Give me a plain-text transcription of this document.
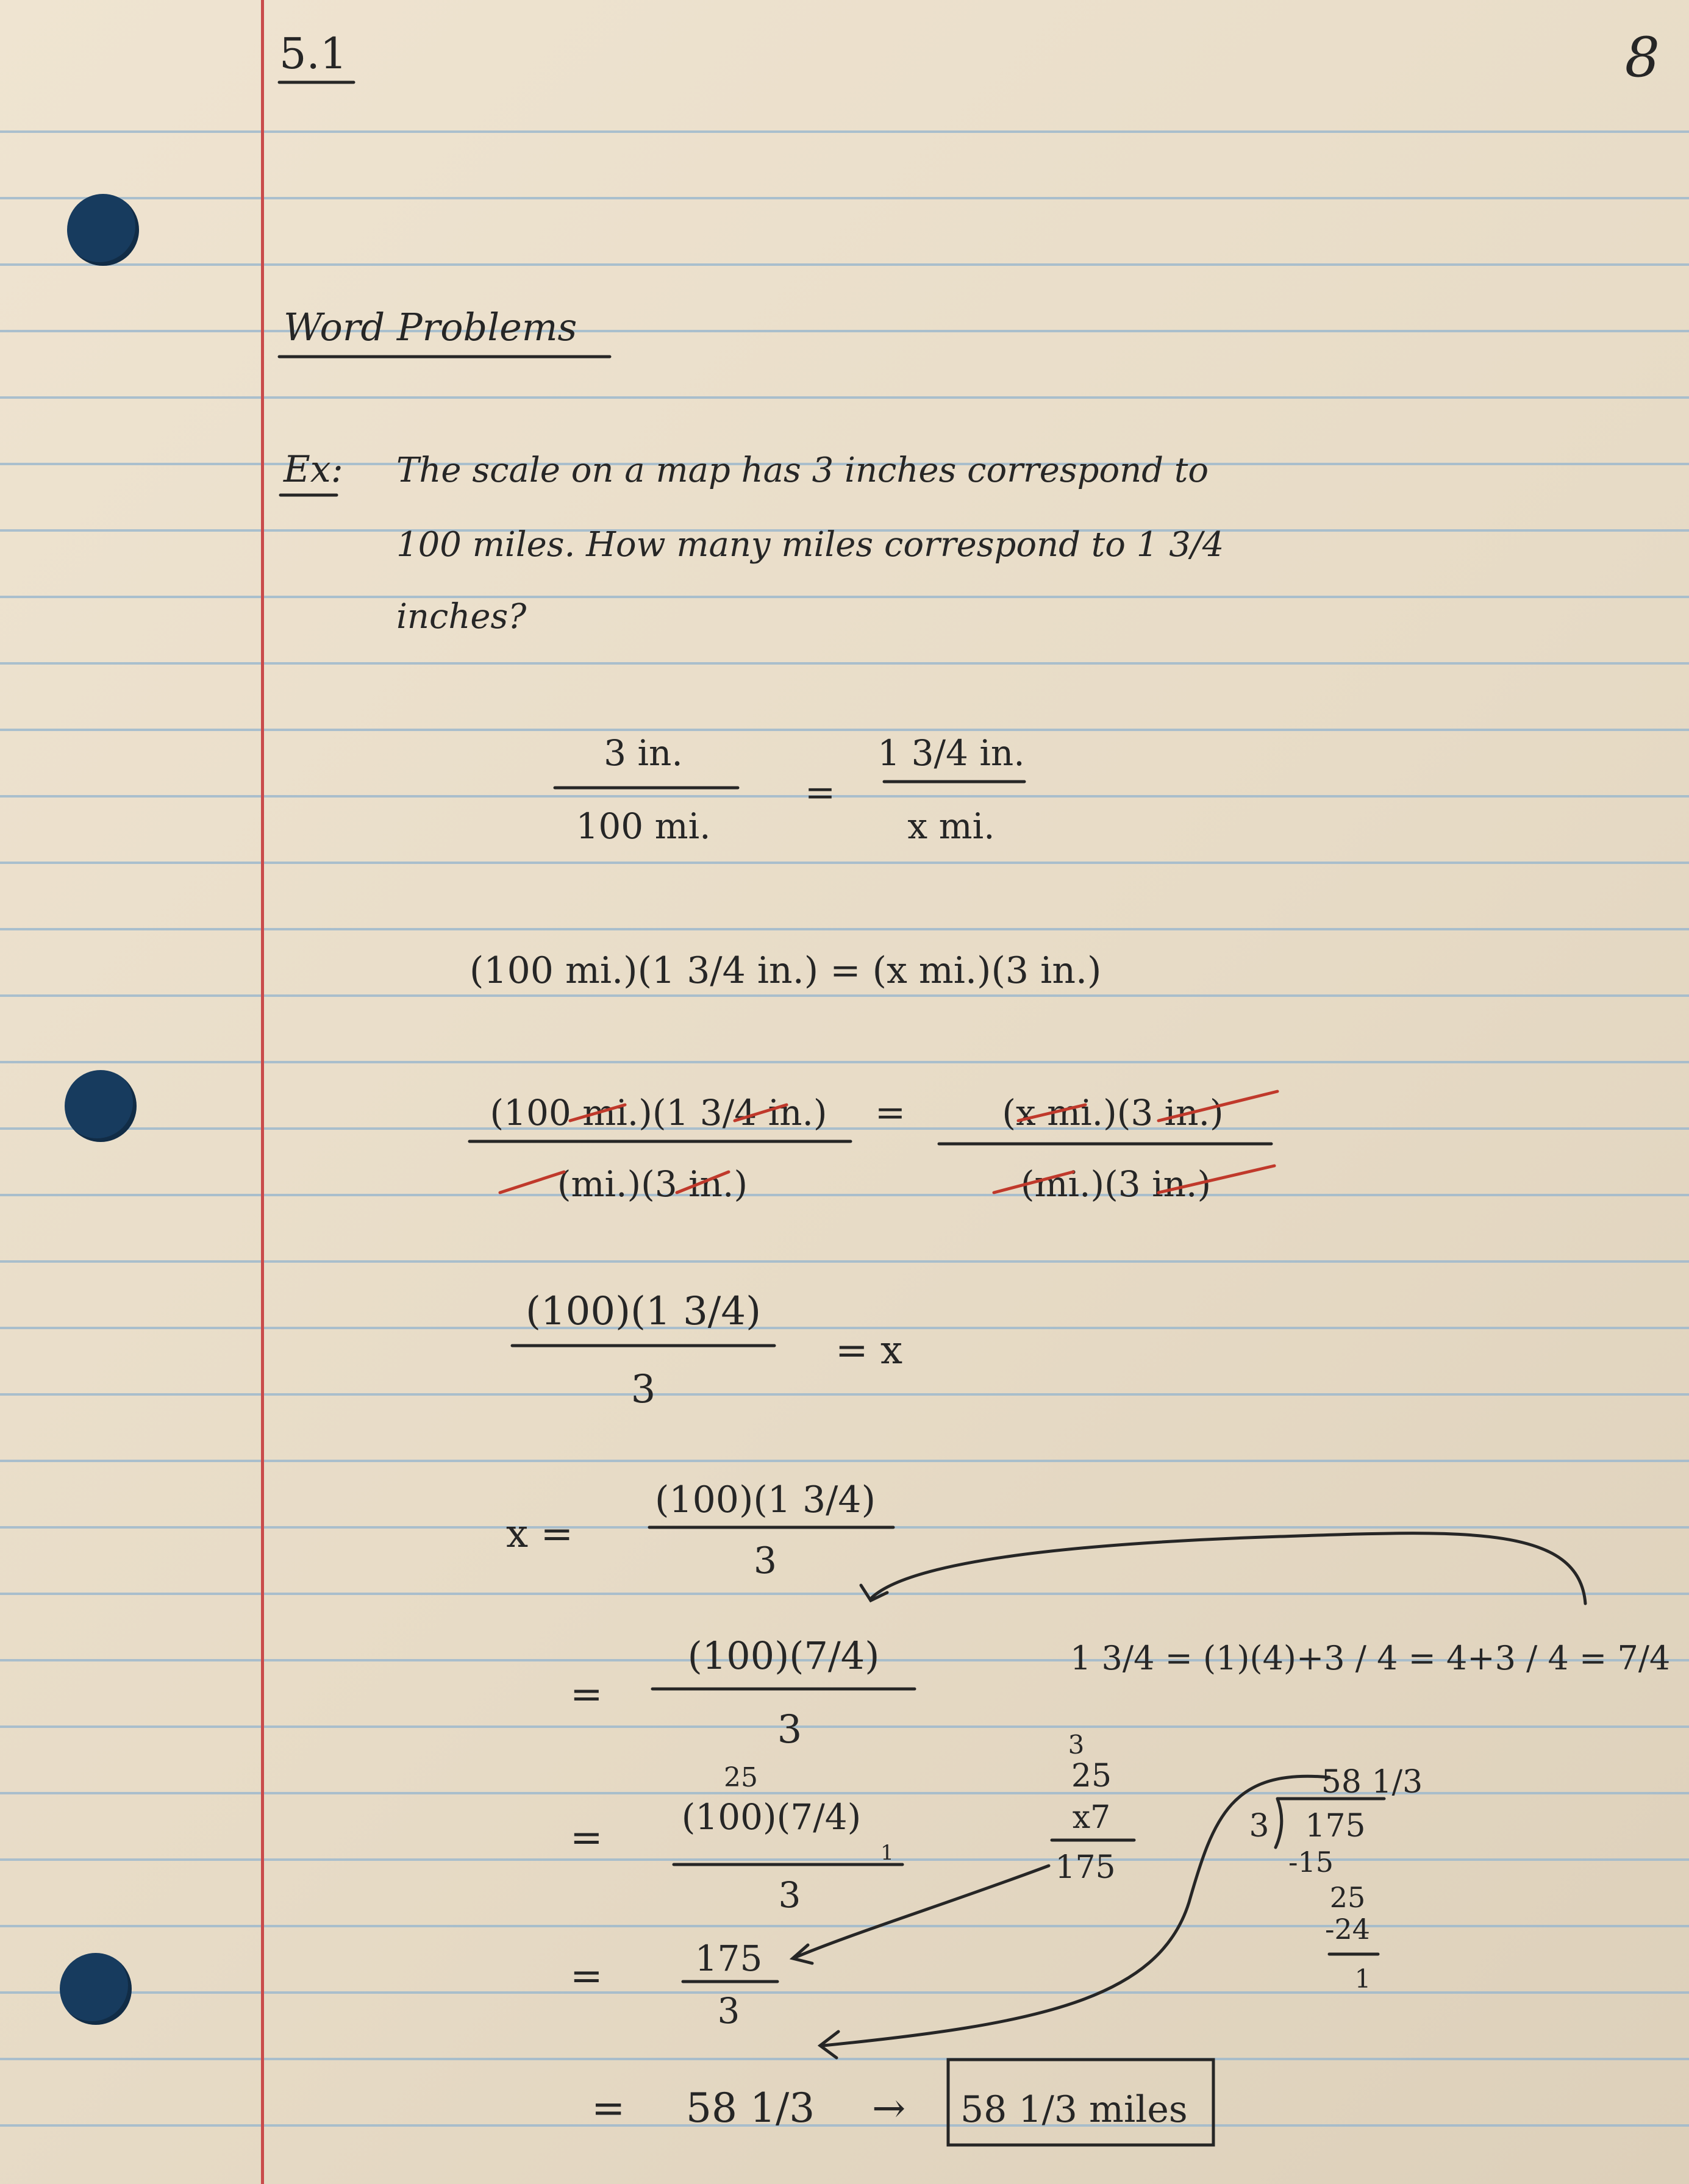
5.1	8
Word Problems
Ex: The scale on a map has 3 inches correspond to
100 miles. How many miles correspond to 1 3/4
inches?
3 in.
100 mi.
=
1 3/4 in.
x mi.
(100 mi.)(1 3/4 in.) = (x mi.)(3 in.)
(100 mi.)(1 3/4 in.)
(mi.)(3 in.)
=	(x mi.)(3 in.)
(mi.)(3 in.)
(100)(1 3/4)
3
= x
x =
(100)(1 3/4)
3
=
(100)(7/4)
3
1 3/4 = (1)(4)+3 / 4 = 4+3 / 4 = 7/4
25
= (100)(7/4)
1
3
3
25
x7
175
58 1/3
3 175
-15
25
-24
1
=	175
3
= 58 1/3 → 58 1/3 miles
